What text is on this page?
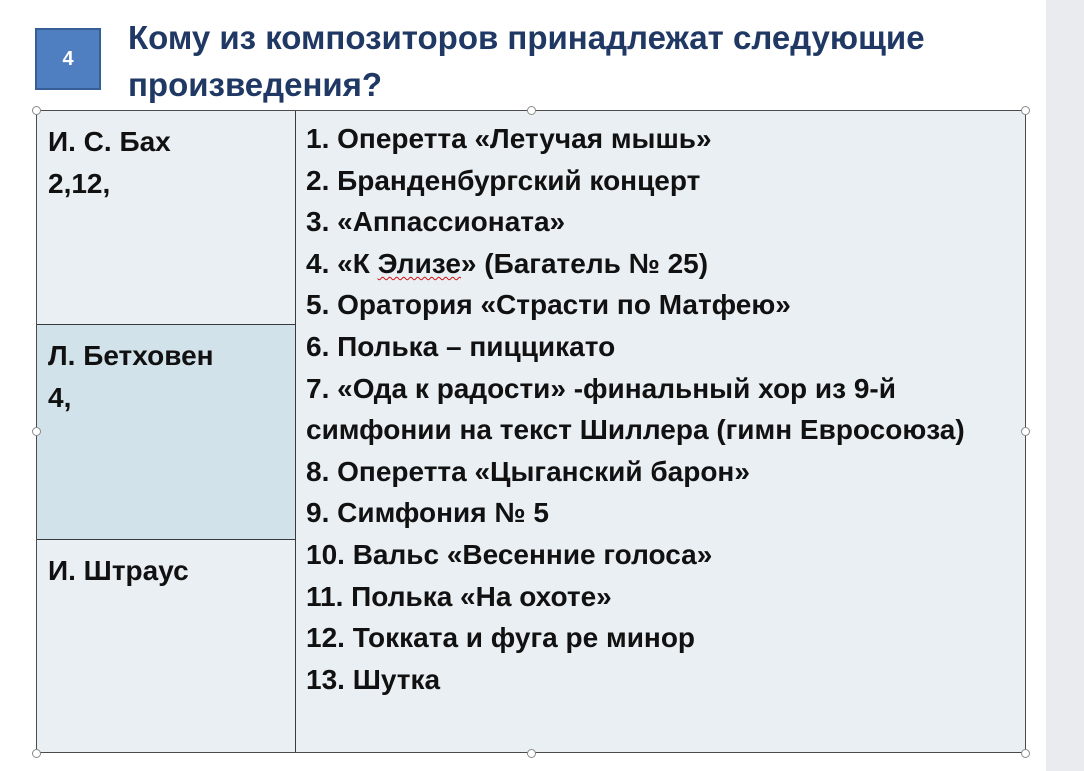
4
Кому из композиторов принадлежат следующие произведения?
И. С. Бах
2,12,
Л. Бетховен
4,
И. Штраус
1. Оперетта «Летучая мышь»
2. Бранденбургский концерт
3. «Аппассионата»
4. «К Элизе» (Багатель № 25)
5. Оратория «Страсти по Матфею»
6. Полька – пиццикато
7. «Ода к радости» -финальный хор из 9-й
симфонии на текст Шиллера (гимн Евросоюза)
8. Оперетта «Цыганский барон»
9. Симфония № 5
10. Вальс «Весенние голоса»
11. Полька «На охоте»
12. Токката и фуга ре минор
13. Шутка
